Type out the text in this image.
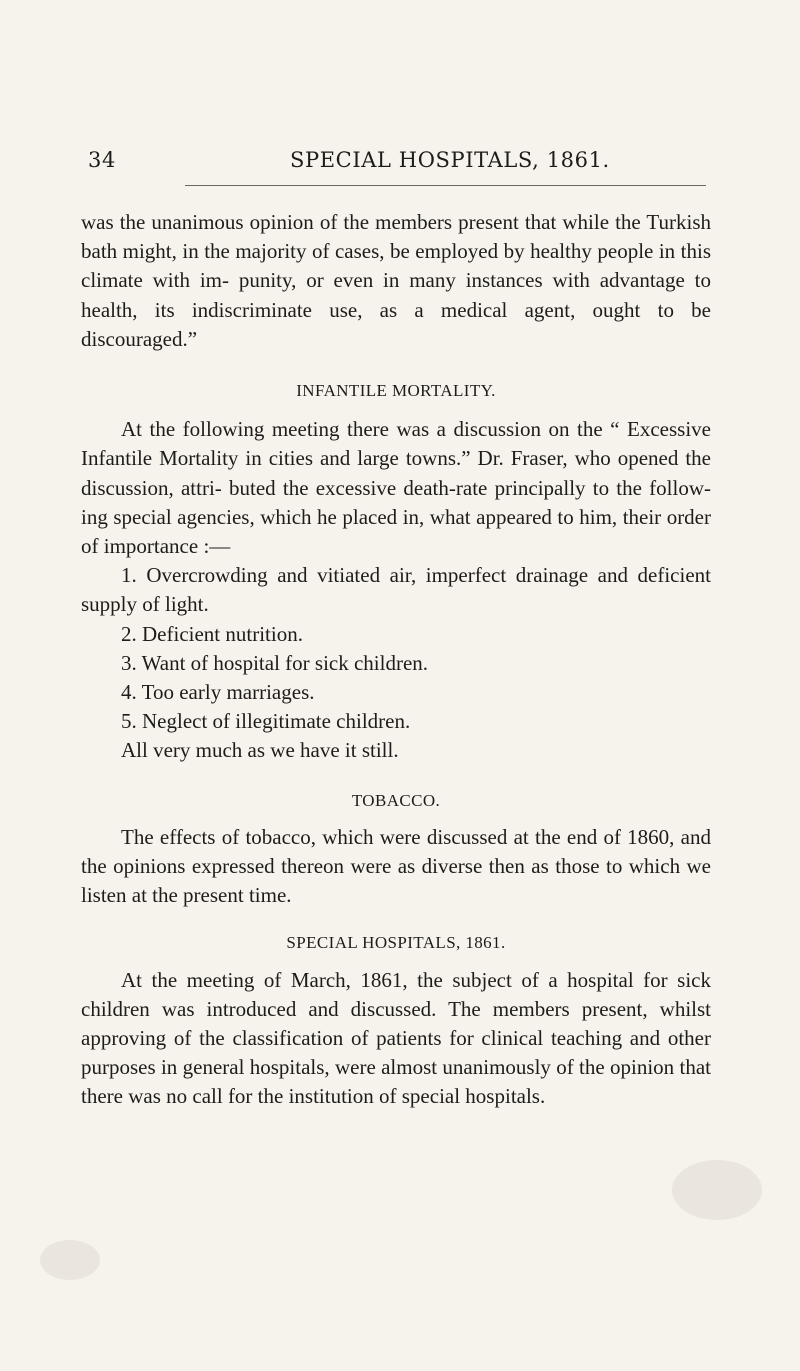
34	SPECIAL HOSPITALS, 1861.

was the unanimous opinion of the members present that while the Turkish bath might, in the majority of cases, be employed by healthy people in this climate with im- punity, or even in many instances with advantage to health, its indiscriminate use, as a medical agent, ought to be discouraged.”

INFANTILE MORTALITY.

At the following meeting there was a discussion on the “ Excessive Infantile Mortality in cities and large towns.” Dr. Fraser, who opened the discussion, attri- buted the excessive death-rate principally to the follow- ing special agencies, which he placed in, what appeared to him, their order of importance :—

1. Overcrowding and vitiated air, imperfect drainage and deficient supply of light.

2. Deficient nutrition.

3. Want of hospital for sick children.

4. Too early marriages.

5. Neglect of illegitimate children.

All very much as we have it still.

TOBACCO.

The effects of tobacco, which were discussed at the end of 1860, and the opinions expressed thereon were as diverse then as those to which we listen at the present time.

SPECIAL HOSPITALS, 1861.

At the meeting of March, 1861, the subject of a hospital for sick children was introduced and discussed. The members present, whilst approving of the classification of patients for clinical teaching and other purposes in general hospitals, were almost unanimously of the opinion that there was no call for the institution of special hospitals.
